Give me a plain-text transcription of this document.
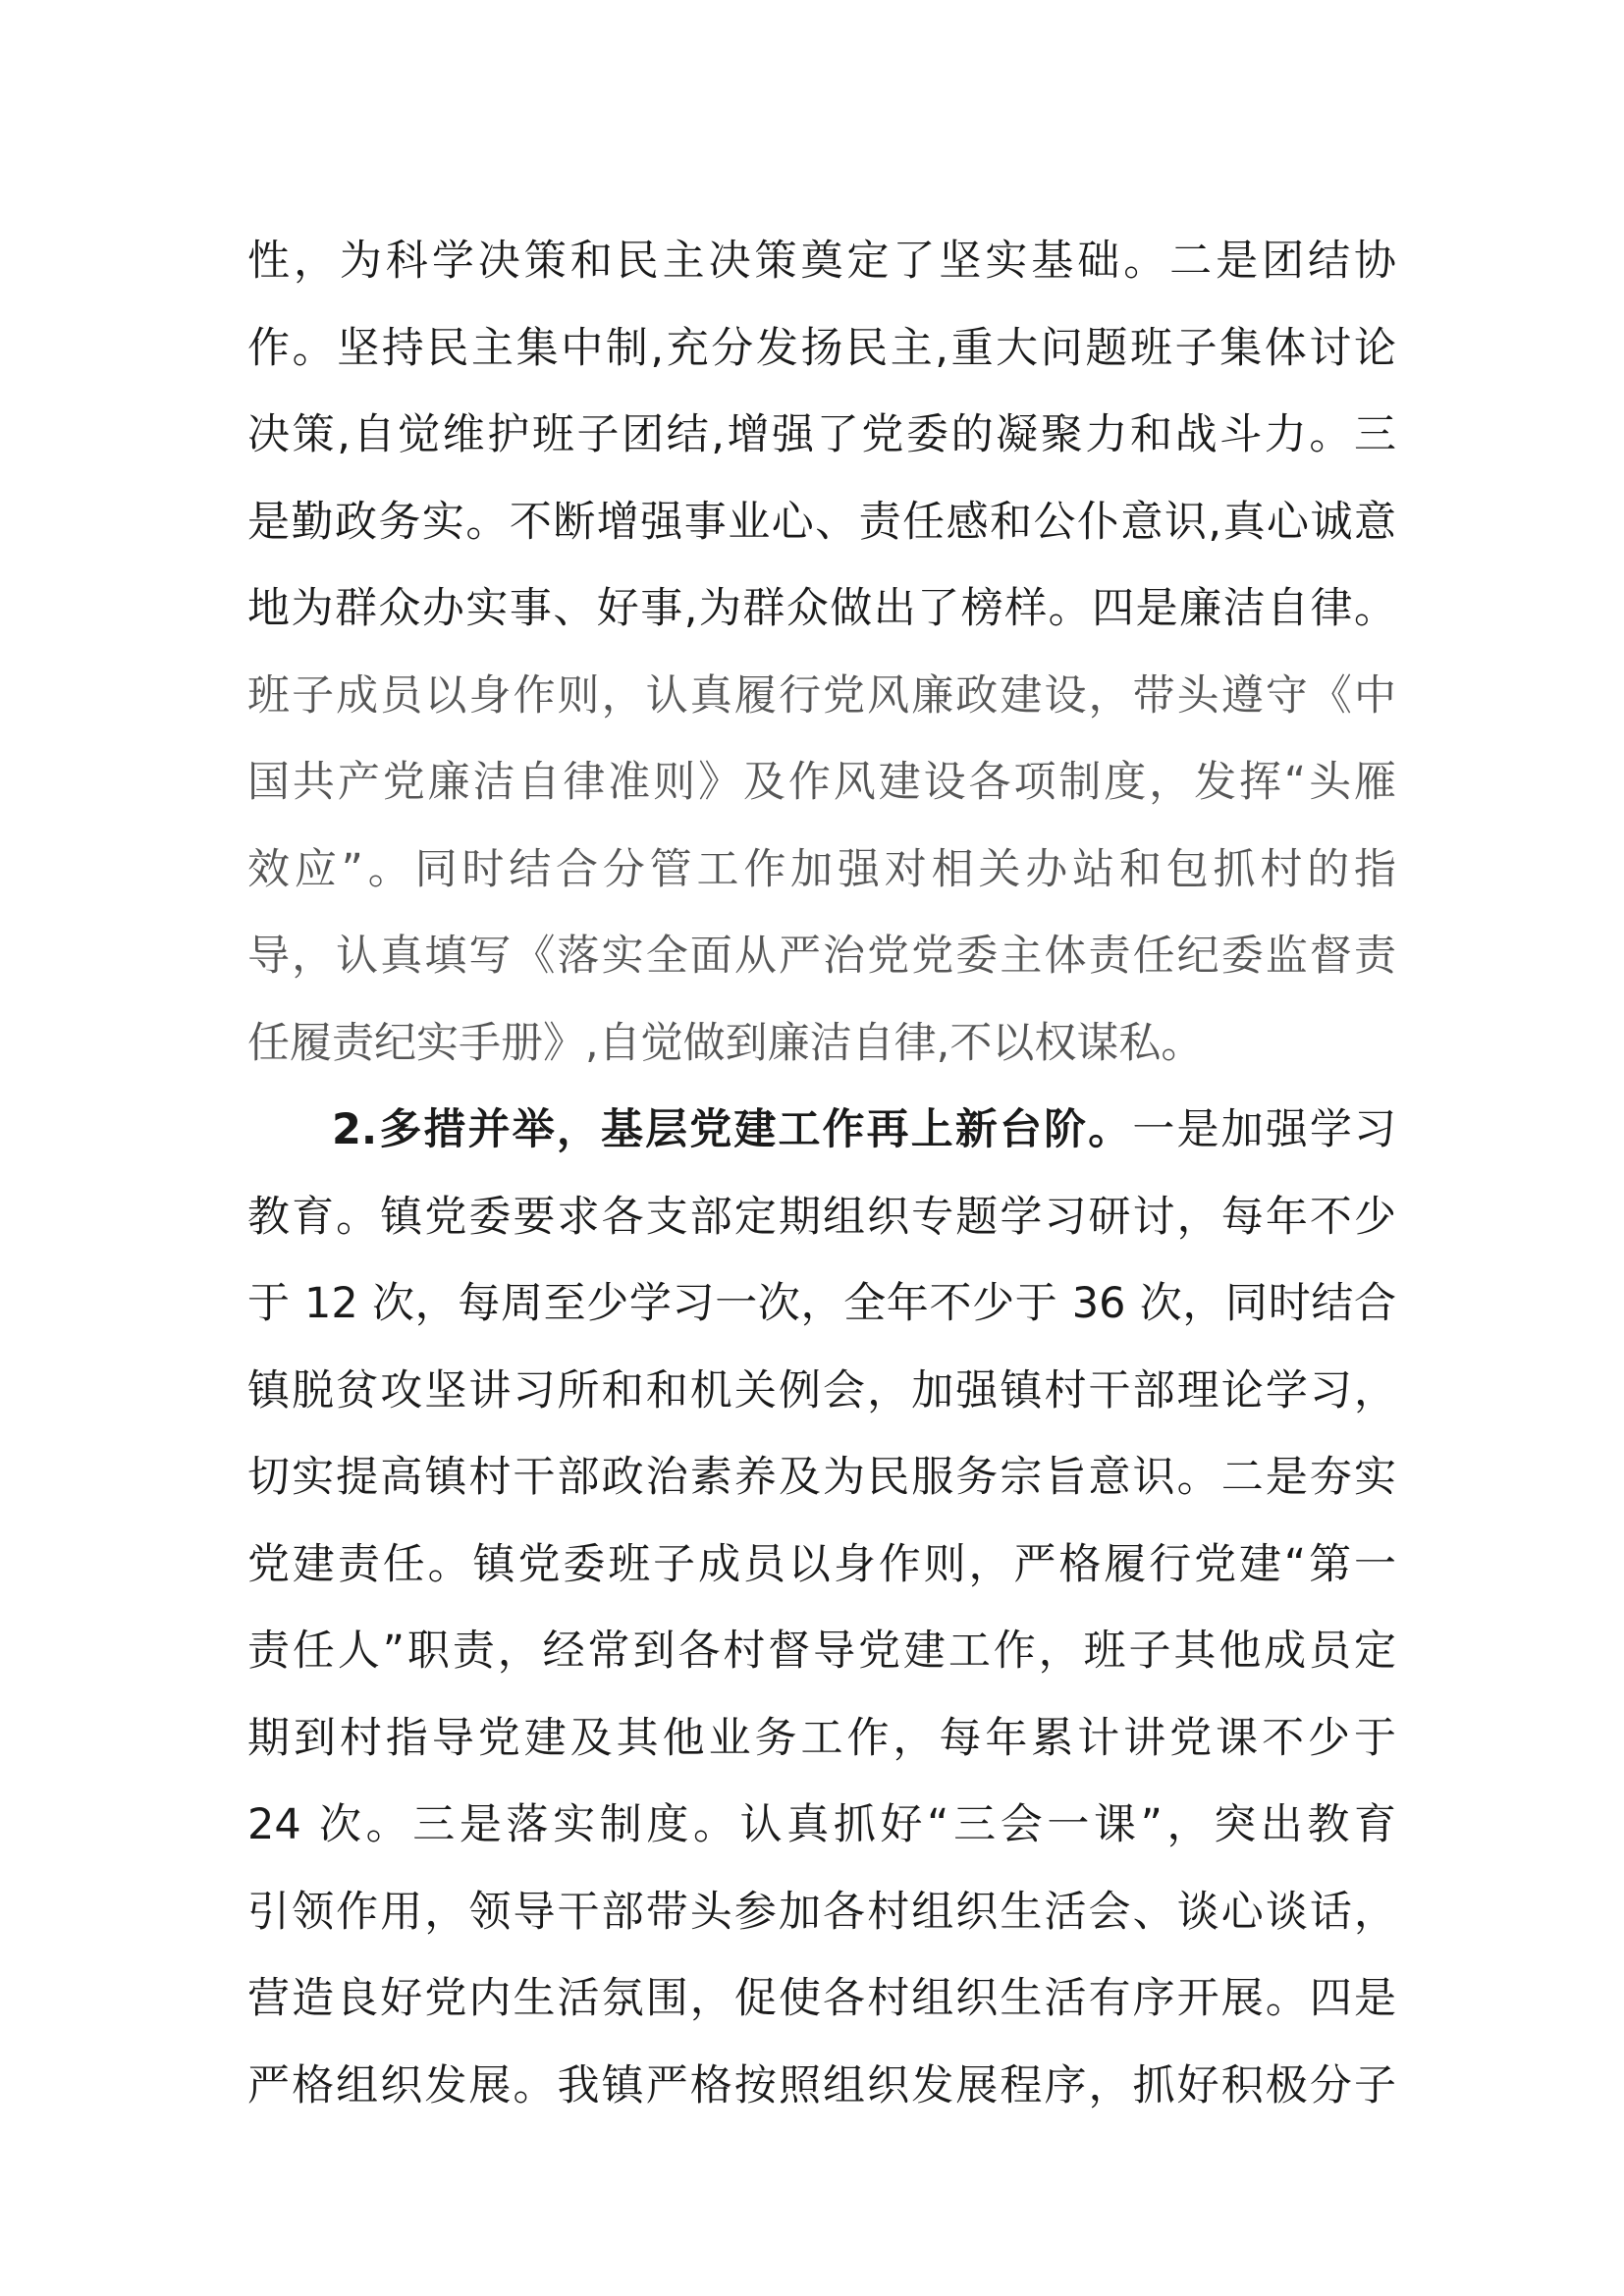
性，为科学决策和民主决策奠定了坚实基础。二是团结协
作。坚持民主集中制,充分发扬民主,重大问题班子集体讨论
决策,自觉维护班子团结,增强了党委的凝聚力和战斗力。三
是勤政务实。不断增强事业心、责任感和公仆意识,真心诚意
地为群众办实事、好事,为群众做出了榜样。四是廉洁自律。
班子成员以身作则，认真履行党风廉政建设，带头遵守《中
国共产党廉洁自律准则》及作风建设各项制度，发挥“头雁
效应”。同时结合分管工作加强对相关办站和包抓村的指
导，认真填写《落实全面从严治党党委主体责任纪委监督责
任履责纪实手册》,自觉做到廉洁自律,不以权谋私。
2.多措并举，基层党建工作再上新台阶。一是加强学习
教育。镇党委要求各支部定期组织专题学习研讨，每年不少
于 12 次，每周至少学习一次，全年不少于 36 次，同时结合
镇脱贫攻坚讲习所和和机关例会，加强镇村干部理论学习，
切实提高镇村干部政治素养及为民服务宗旨意识。二是夯实
党建责任。镇党委班子成员以身作则，严格履行党建“第一
责任人”职责，经常到各村督导党建工作，班子其他成员定
期到村指导党建及其他业务工作，每年累计讲党课不少于
24 次。三是落实制度。认真抓好“三会一课”，突出教育
引领作用，领导干部带头参加各村组织生活会、谈心谈话，
营造良好党内生活氛围，促使各村组织生活有序开展。四是
严格组织发展。我镇严格按照组织发展程序，抓好积极分子
